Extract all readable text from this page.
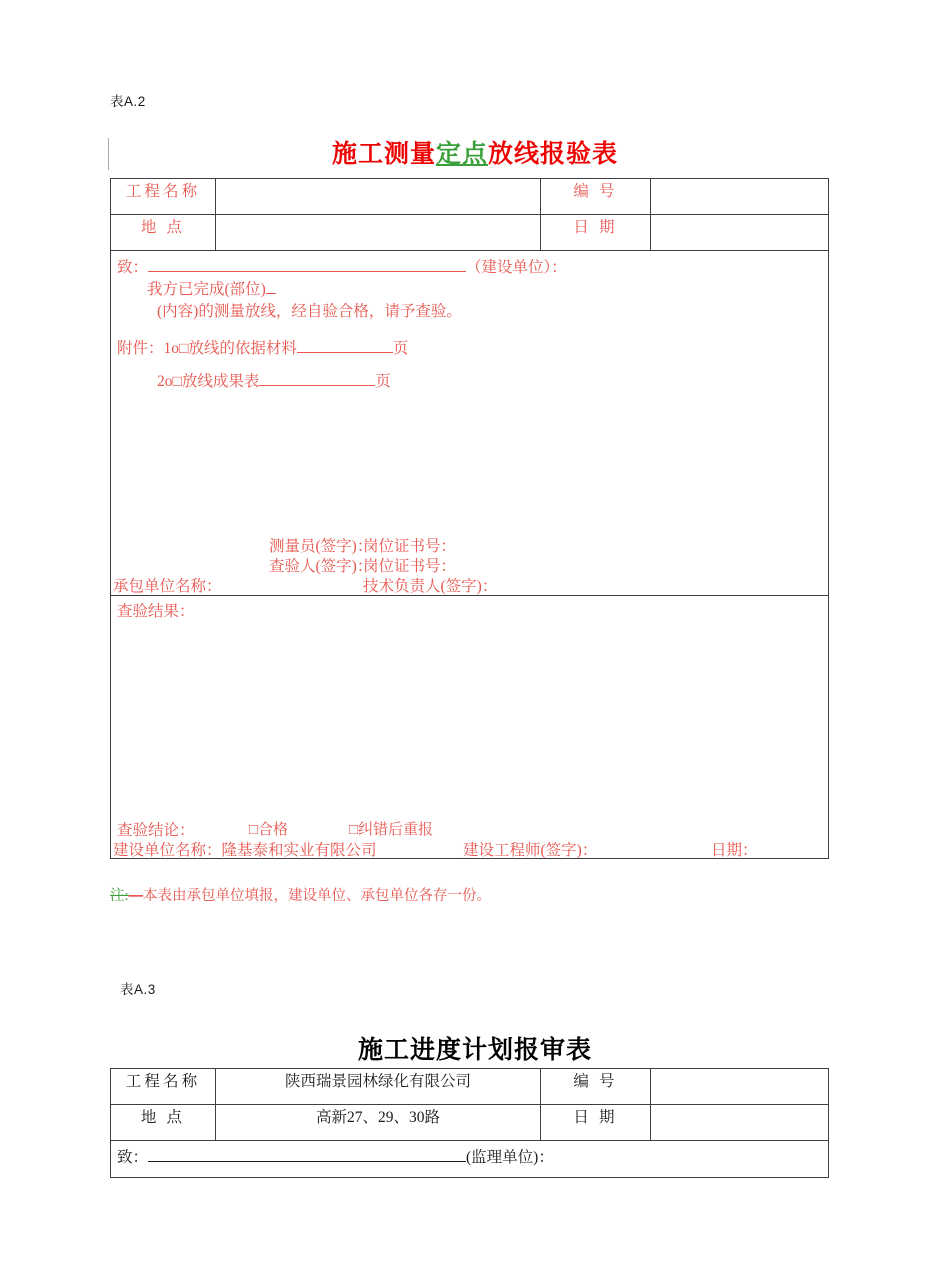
表A.2
施工测量定点放线报验表
工程名称		编 号	
地 点		日 期	

致：	（建设单位）：
我方已完成(部位)
(内容)的测量放线，经自验合格，请予查验。
附件：1o□放线的依据材料	页
2o□放线成果表	页
测量员(签字)：
岗位证书号：
查验人(签字)：
岗位证书号：
承包单位名称：	技术负责人(签字)：

查验结果：
查验结论：	□合格	□纠错后重报
建设单位名称：隆基泰和实业有限公司	建设工程师(签字)：	日期：
注:—本表由承包单位填报，建设单位、承包单位各存一份。
表A.3
施工进度计划报审表
工程名称	陕西瑞景园林绿化有限公司	编 号	
地 点	高新27、29、30路	日 期	

致： (监理单位)：			
